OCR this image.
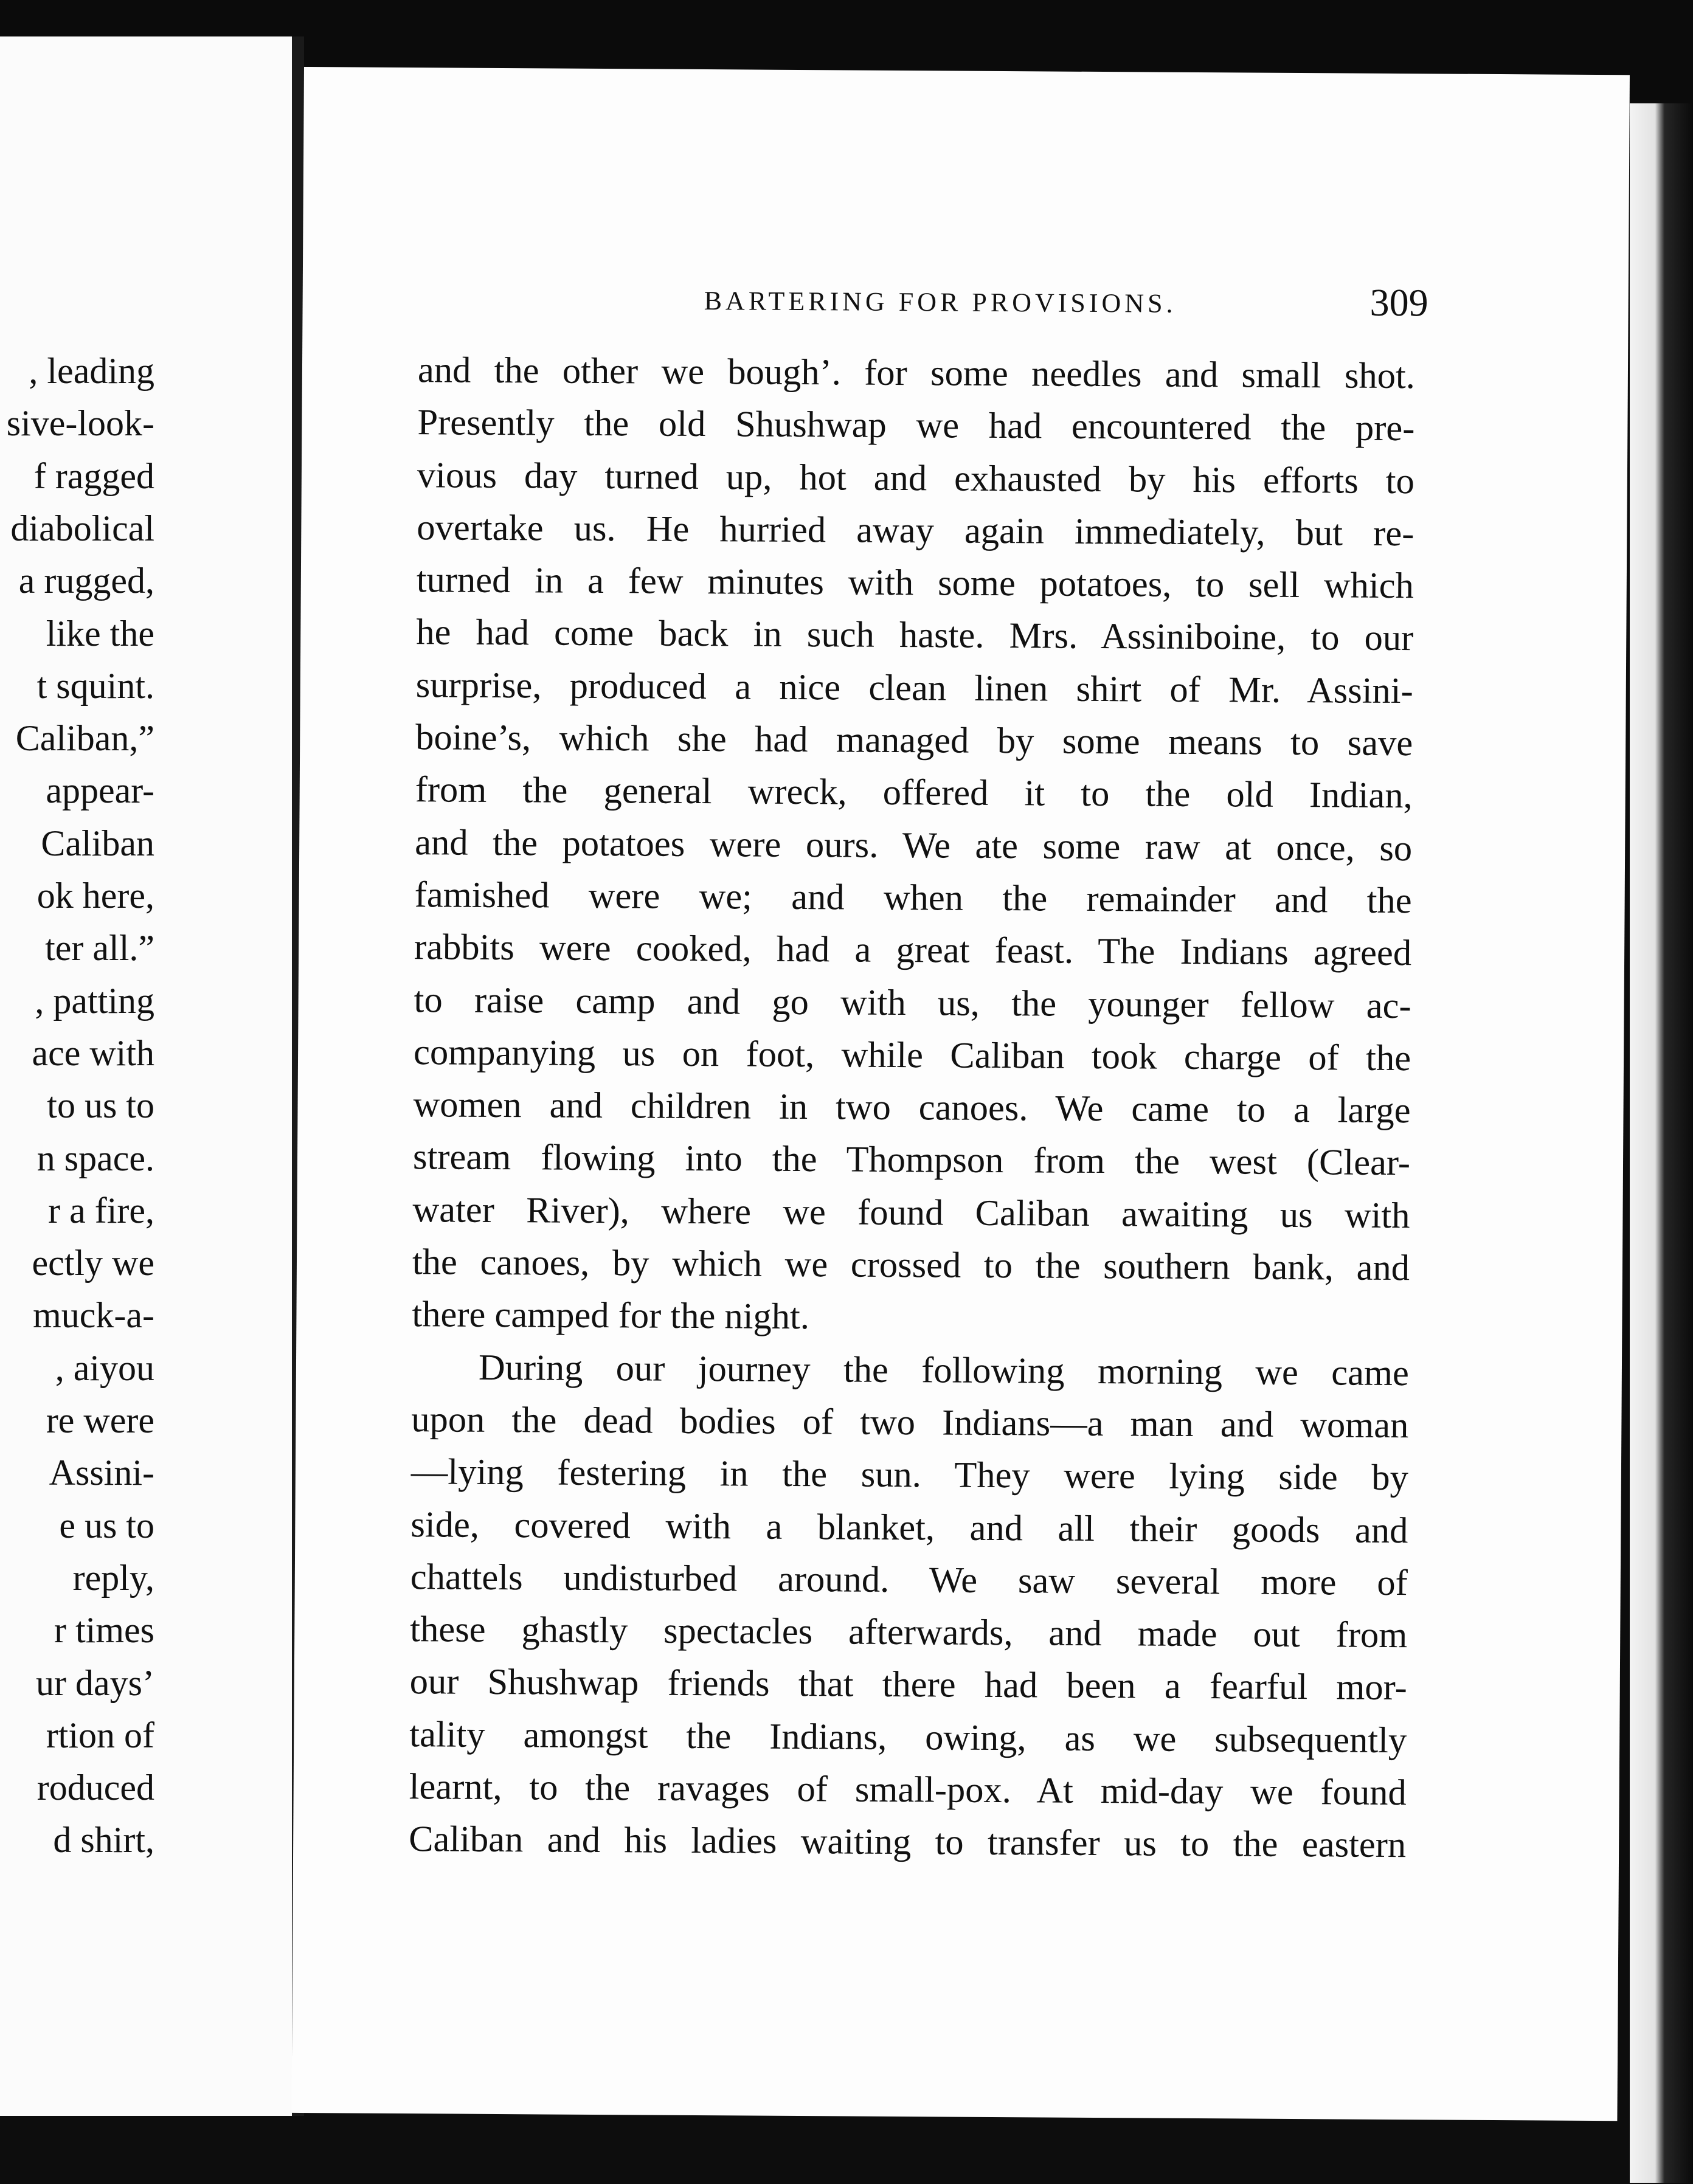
, leading
sive-look-
f ragged
diabolical
a rugged,
like the
t squint.
Caliban,”
appear-
Caliban
ok here,
ter all.”
, patting
ace with
to us to
n space.
r a fire,
ectly we
muck-a-
, aiyou
re were
Assini-
e us to
reply,
r times
ur days’
rtion of
roduced
d shirt,
BARTERING FOR PROVISIONS.	309
and the other we bough’. for some needles and small shot.
Presently the old Shushwap we had encountered the pre-
vious day turned up, hot and exhausted by his efforts to
overtake us. He hurried away again immediately, but re-
turned in a few minutes with some potatoes, to sell which
he had come back in such haste. Mrs. Assiniboine, to our
surprise, produced a nice clean linen shirt of Mr. Assini-
boine’s, which she had managed by some means to save
from the general wreck, offered it to the old Indian,
and the potatoes were ours. We ate some raw at once, so
famished were we; and when the remainder and the
rabbits were cooked, had a great feast. The Indians agreed
to raise camp and go with us, the younger fellow ac-
companying us on foot, while Caliban took charge of the
women and children in two canoes. We came to a large
stream flowing into the Thompson from the west (Clear-
water River), where we found Caliban awaiting us with
the canoes, by which we crossed to the southern bank, and
there camped for the night.
During our journey the following morning we came
upon the dead bodies of two Indians—a man and woman
—lying festering in the sun. They were lying side by
side, covered with a blanket, and all their goods and
chattels undisturbed around. We saw several more of
these ghastly spectacles afterwards, and made out from
our Shushwap friends that there had been a fearful mor-
tality amongst the Indians, owing, as we subsequently
learnt, to the ravages of small-pox. At mid-day we found
Caliban and his ladies waiting to transfer us to the eastern
